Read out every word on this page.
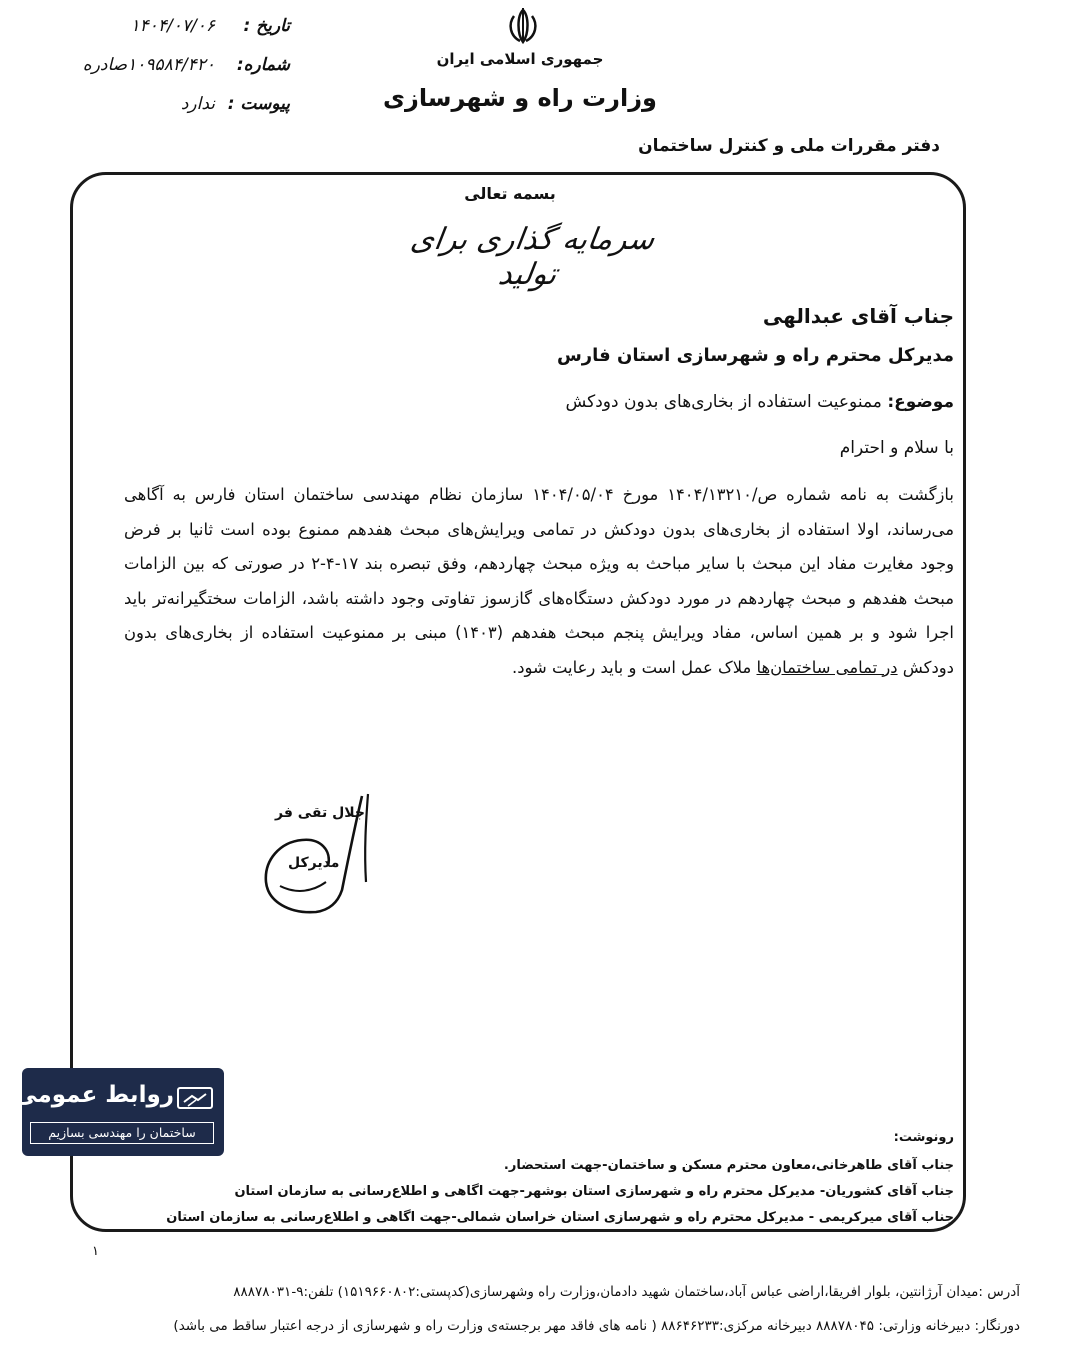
جمهوری اسلامی ایران
وزارت راه و شهرسازی
تاریخ :
۱۴۰۴/۰۷/۰۶
شماره:
۱۰۹۵۸۴/۴۲۰صادره
پیوست :
ندارد
دفتر مقررات ملی و کنترل ساختمان
بسمه تعالی
سرمایه گذاری برای تولید
جناب آقای عبدالهی
مدیرکل محترم راه و شهرسازی استان فارس
موضوع: ممنوعیت استفاده از بخاری‌های بدون دودکش
با سلام و احترام
بازگشت به نامه شماره ص/۱۴۰۴/۱۳۲۱۰ مورخ ۱۴۰۴/۰۵/۰۴ سازمان نظام مهندسی ساختمان استان فارس به آگاهی می‌رساند، اولا استفاده از بخاری‌های بدون دودکش در تمامی ویرایش‌های مبحث هفدهم ممنوع بوده است ثانیا بر فرض وجود مغایرت مفاد این مبحث با سایر مباحث به ویژه مبحث چهاردهم، وفق تبصره بند ۱۷-۴-۲ در صورتی که بین الزامات مبحث هفدهم و مبحث چهاردهم در مورد دودکش دستگاه‌های گازسوز تفاوتی وجود داشته باشد، الزامات سختگیرانه‌تر باید اجرا شود و بر همین اساس، مفاد ویرایش پنجم مبحث هفدهم (۱۴۰۳) مبنی بر ممنوعیت استفاده از بخاری‌های بدون دودکش در تمامی ساختمان‌ها ملاک عمل است و باید رعایت شود.
جلال تقی فر
مدیرکل
روابط عمومی
ساختمان را مهندسی بسازیم	رونوشت:
جناب آقای طاهرخانی،معاون محترم مسکن و ساختمان-جهت استحضار.
جناب آقای کشوریان- مدیرکل محترم راه و شهرسازی استان بوشهر-جهت اگاهی و اطلاع‌رسانی به سازمان استان
جناب آقای میرکریمی - مدیرکل محترم راه و شهرسازی استان خراسان شمالی-جهت اگاهی و اطلاع‌رسانی به سازمان استان
۱
آدرس :میدان آرژانتین، بلوار افریقا،اراضی عباس آباد،ساختمان شهید دادمان،وزارت راه وشهرسازی(کدپستی:۱۵۱۹۶۶۰۸۰۲) تلفن:۹-۸۸۸۷۸۰۳۱
دورنگار: دبیرخانه وزارتی: ۸۸۸۷۸۰۴۵ دبیرخانه مرکزی:۸۸۶۴۶۲۳۳ ( نامه های فاقد مهر برجسته‌ی وزارت راه و شهرسازی از درجه اعتبار ساقط می باشد)
